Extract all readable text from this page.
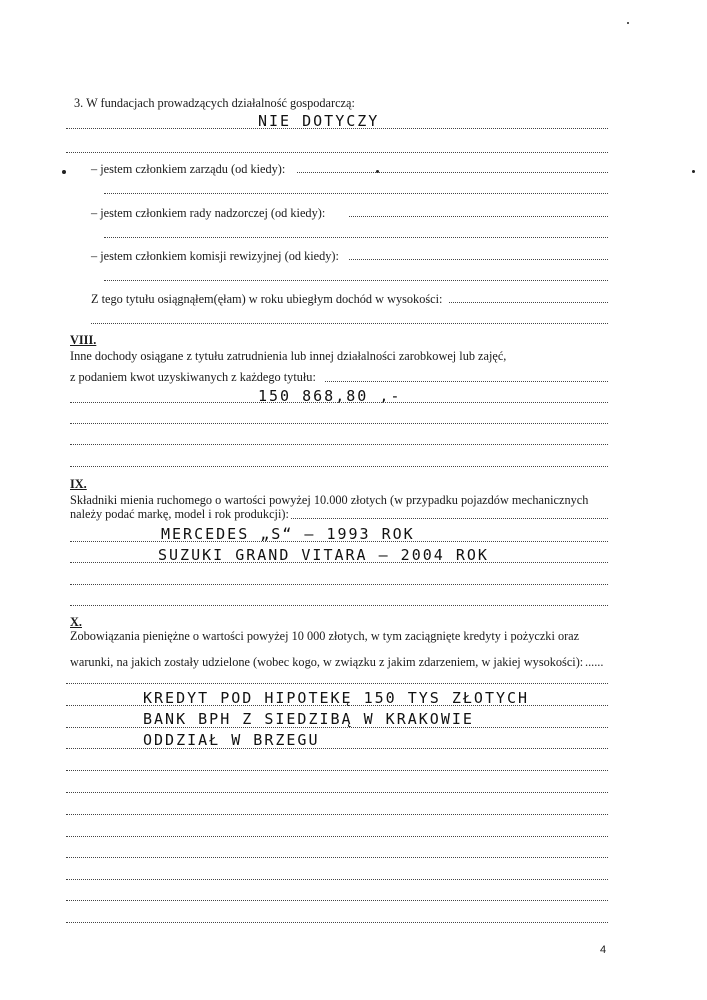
3. W fundacjach prowadzących działalność gospodarczą:
NIE DOTYCZY
– jestem członkiem zarządu (od kiedy):
– jestem członkiem rady nadzorczej (od kiedy):
– jestem członkiem komisji rewizyjnej (od kiedy):
Z tego tytułu osiągnąłem(ęłam) w roku ubiegłym dochód w wysokości:
VIII.
Inne dochody osiągane z tytułu zatrudnienia lub innej działalności zarobkowej lub zajęć,
z podaniem kwot uzyskiwanych z każdego tytułu:
150 868,80 ,-
IX.
Składniki mienia ruchomego o wartości powyżej 10.000 złotych (w przypadku pojazdów mechanicznych
należy podać markę, model i rok produkcji):
MERCEDES „S“ – 1993 ROK
SUZUKI GRAND VITARA – 2004 ROK
X.
Zobowiązania pieniężne o wartości powyżej 10 000 złotych, w tym zaciągnięte kredyty i pożyczki oraz
warunki, na jakich zostały udzielone (wobec kogo, w związku z jakim zdarzeniem, w jakiej wysokości): ......
KREDYT POD HIPOTEKĘ 150 TYS ZŁOTYCH
BANK BPH Z SIEDZIBĄ W KRAKOWIE
ODDZIAŁ W BRZEGU
4
